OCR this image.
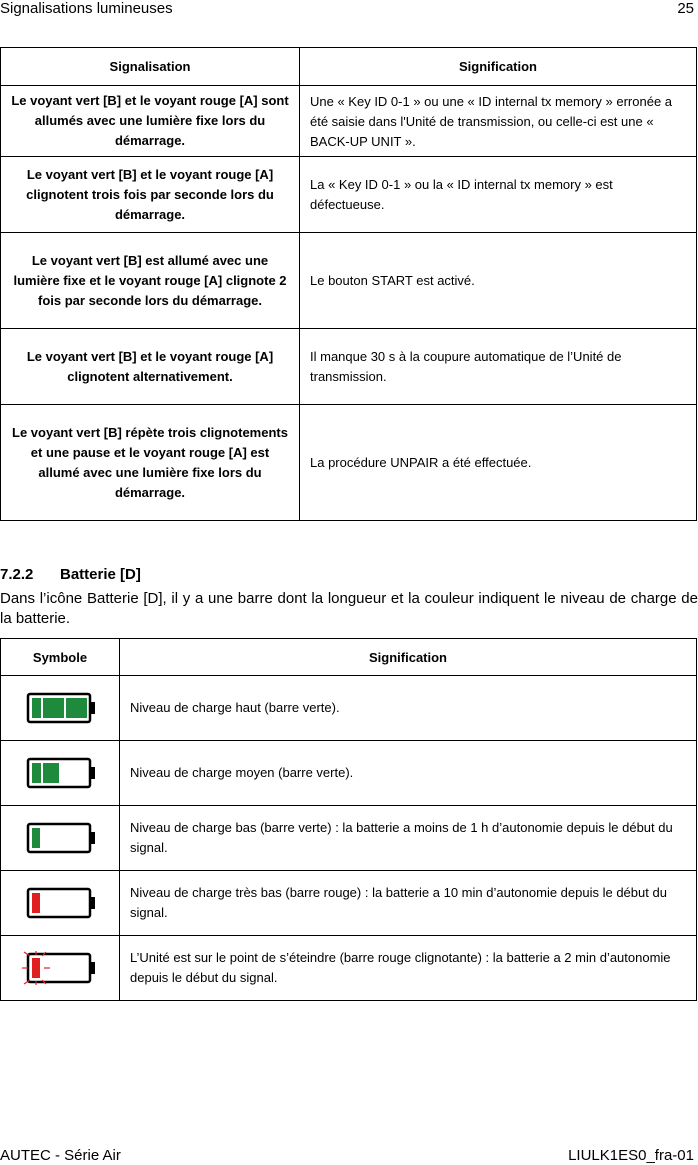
Signalisations lumineuses	25
Signalisation	Signification
Le voyant vert [B] et le voyant rouge [A] sont allumés avec une lumière fixe lors du démarrage.	Une « Key ID 0-1 » ou une « ID internal tx memory » erronée a été saisie dans l'Unité de transmission, ou celle-ci est une « BACK-UP UNIT ».
Le voyant vert [B] et le voyant rouge [A] clignotent trois fois par seconde lors du démarrage.	La « Key ID 0-1 » ou la « ID internal tx memory » est défectueuse.
Le voyant vert [B] est allumé avec une lumière fixe et le voyant rouge [A] clignote 2 fois par seconde lors du démarrage.	Le bouton START est activé.
Le voyant vert [B] et le voyant rouge [A] clignotent alternativement.	Il manque 30 s à la coupure automatique de l’Unité de transmission.
Le voyant vert [B] répète trois clignotements et une pause et le voyant rouge [A] est allumé avec une lumière fixe lors du démarrage.	La procédure UNPAIR a été effectuée.
7.2.2 Batterie [D]
Dans l’icône Batterie [D], il y a une barre dont la longueur et la couleur indiquent le niveau de charge de la batterie.
Symbole	Signification

	Niveau de charge haut (barre verte).

	Niveau de charge moyen (barre verte).

	Niveau de charge bas (barre verte) : la batterie a moins de 1 h d’autonomie depuis le début du signal.

	Niveau de charge très bas (barre rouge) : la batterie a 10 min d’autonomie depuis le début du signal.

	L’Unité est sur le point de s’éteindre (barre rouge clignotante) : la batterie a 2 min d’autonomie depuis le début du signal.
AUTEC - Série Air	LIULK1ES0_fra-01
